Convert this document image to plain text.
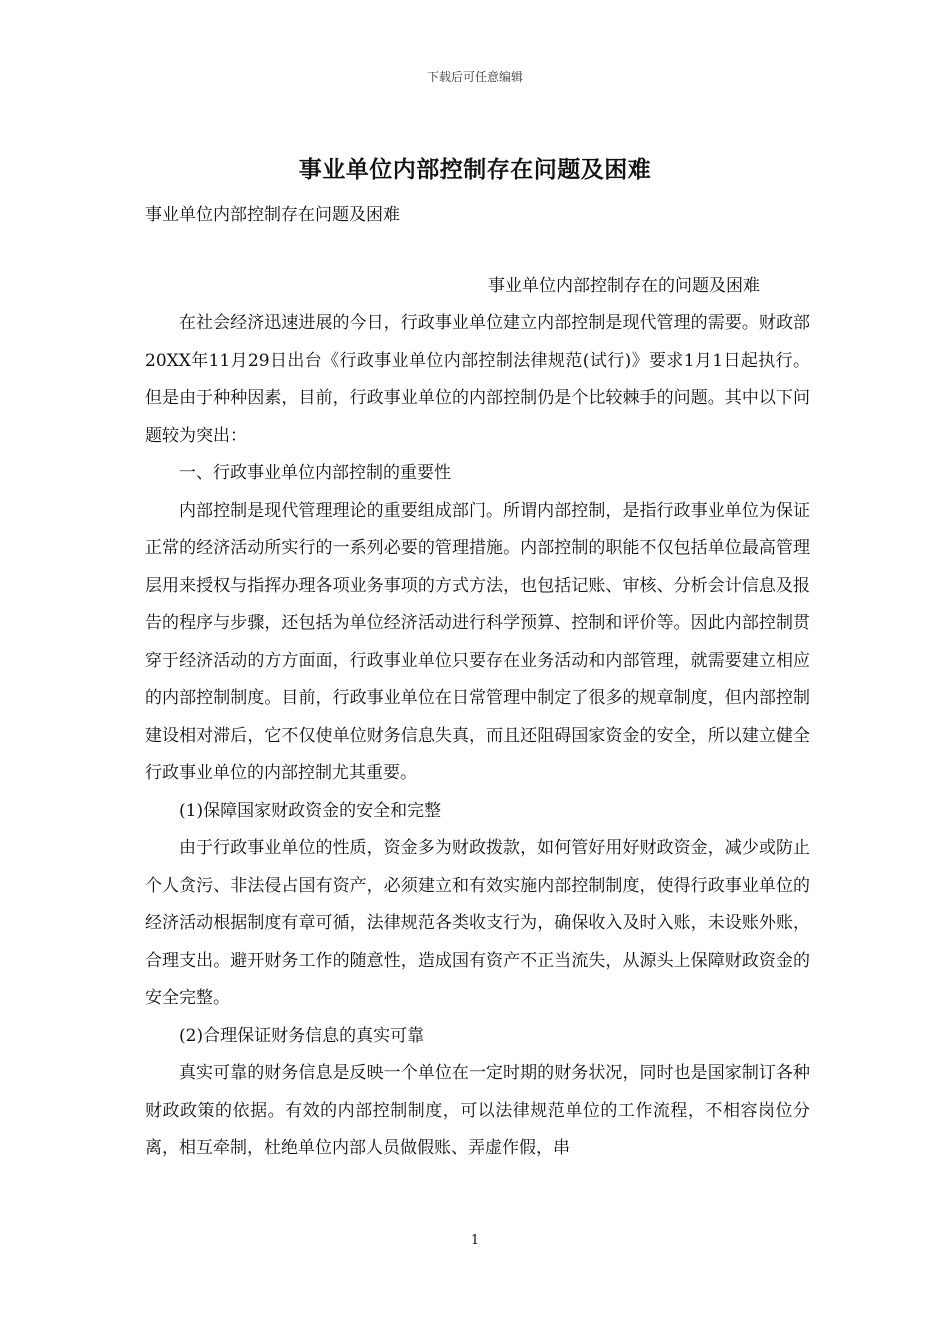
下载后可任意编辑
事业单位内部控制存在问题及困难

事业单位内部控制存在问题及困难

事业单位内部控制存在的问题及困难

在社会经济迅速进展的今日，行政事业单位建立内部控制是现代管理的需要。财政部20XX年11月29日出台《行政事业单位内部控制法律规范(试行)》要求1月1日起执行。但是由于种种因素，目前，行政事业单位的内部控制仍是个比较棘手的问题。其中以下问题较为突出：

一、行政事业单位内部控制的重要性

内部控制是现代管理理论的重要组成部门。所谓内部控制，是指行政事业单位为保证正常的经济活动所实行的一系列必要的管理措施。内部控制的职能不仅包括单位最高管理层用来授权与指挥办理各项业务事项的方式方法，也包括记账、审核、分析会计信息及报告的程序与步骤，还包括为单位经济活动进行科学预算、控制和评价等。因此内部控制贯穿于经济活动的方方面面，行政事业单位只要存在业务活动和内部管理，就需要建立相应的内部控制制度。目前，行政事业单位在日常管理中制定了很多的规章制度，但内部控制建设相对滞后，它不仅使单位财务信息失真，而且还阻碍国家资金的安全，所以建立健全行政事业单位的内部控制尤其重要。

(1)保障国家财政资金的安全和完整

由于行政事业单位的性质，资金多为财政拨款，如何管好用好财政资金，减少或防止个人贪污、非法侵占国有资产，必须建立和有效实施内部控制制度，使得行政事业单位的经济活动根据制度有章可循，法律规范各类收支行为，确保收入及时入账，未设账外账，合理支出。避开财务工作的随意性，造成国有资产不正当流失，从源头上保障财政资金的安全完整。

(2)合理保证财务信息的真实可靠

真实可靠的财务信息是反映一个单位在一定时期的财务状况，同时也是国家制订各种财政政策的依据。有效的内部控制制度，可以法律规范单位的工作流程，不相容岗位分离，相互牵制，杜绝单位内部人员做假账、弄虚作假，串

1
